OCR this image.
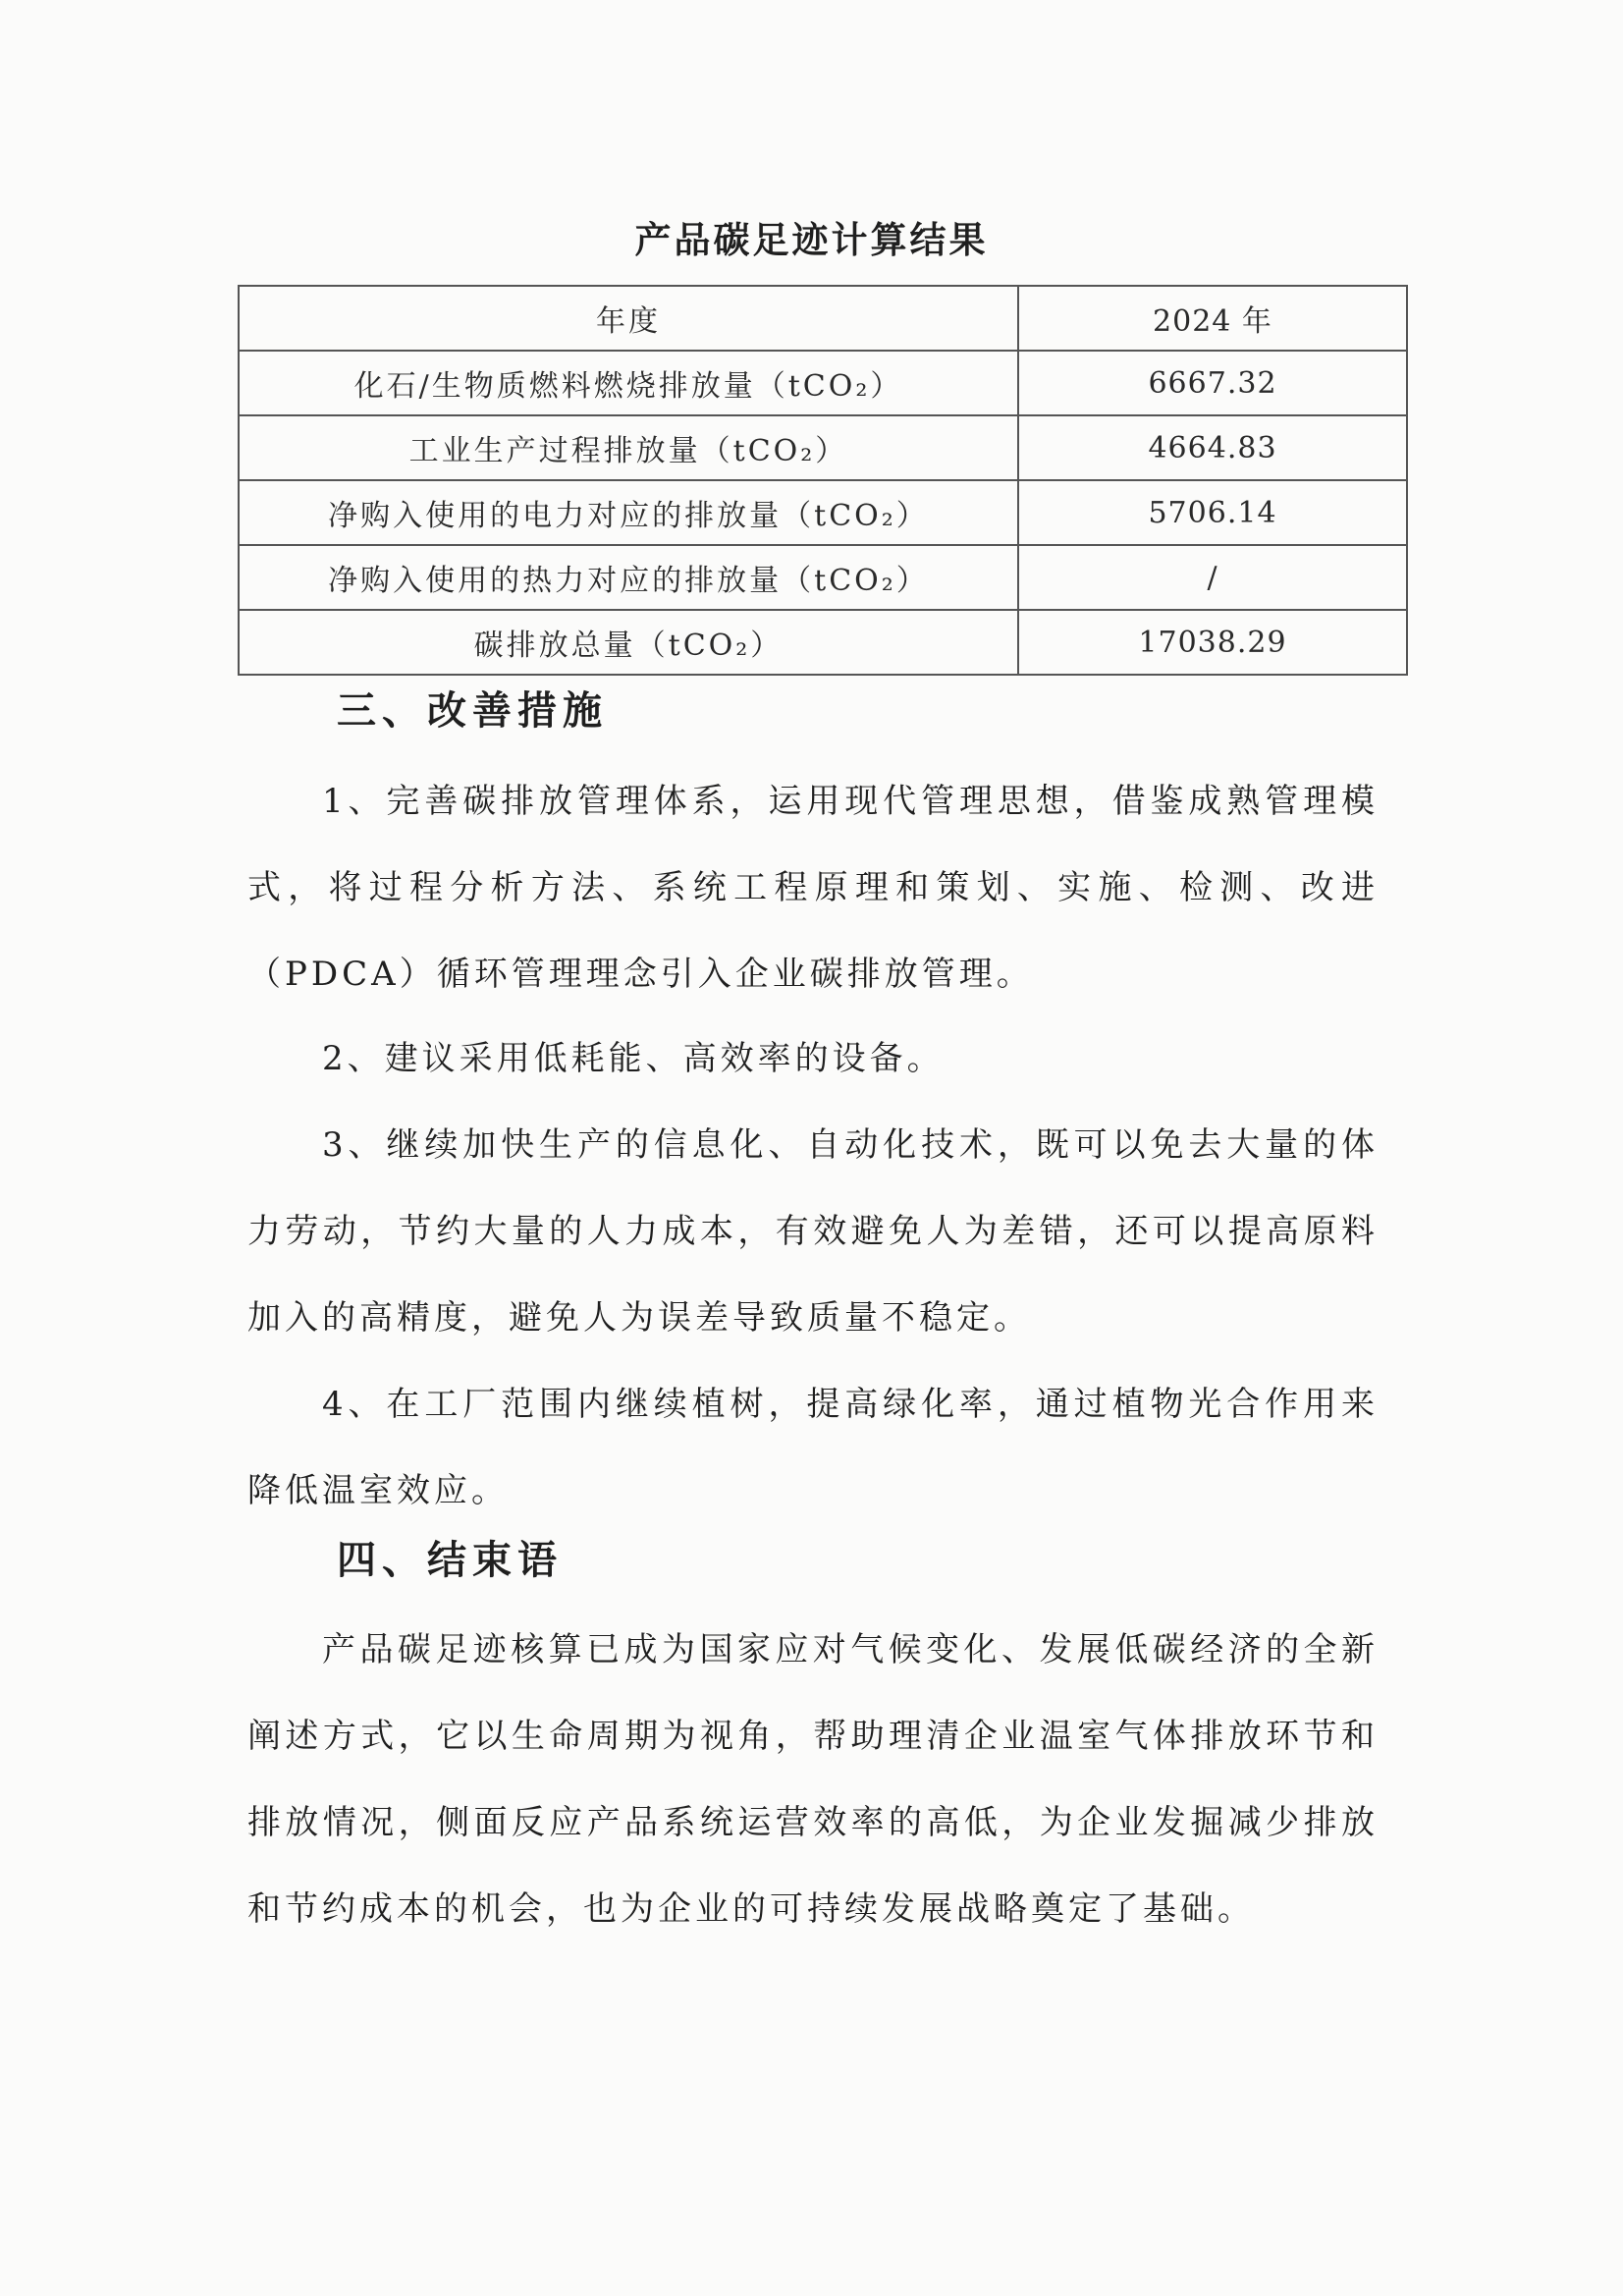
产品碳足迹计算结果
年度	2024 年
化石/生物质燃料燃烧排放量（tCO₂）	6667.32
工业生产过程排放量（tCO₂）	4664.83
净购入使用的电力对应的排放量（tCO₂）	5706.14
净购入使用的热力对应的排放量（tCO₂）	/
碳排放总量（tCO₂）	17038.29
三、改善措施

1、完善碳排放管理体系，运用现代管理思想，借鉴成熟管理模式，将过程分析方法、系统工程原理和策划、实施、检测、改进（PDCA）循环管理理念引入企业碳排放管理。

2、建议采用低耗能、高效率的设备。

3、继续加快生产的信息化、自动化技术，既可以免去大量的体力劳动，节约大量的人力成本，有效避免人为差错，还可以提高原料加入的高精度，避免人为误差导致质量不稳定。

4、在工厂范围内继续植树，提高绿化率，通过植物光合作用来降低温室效应。

四、结束语

产品碳足迹核算已成为国家应对气候变化、发展低碳经济的全新阐述方式，它以生命周期为视角，帮助理清企业温室气体排放环节和排放情况，侧面反应产品系统运营效率的高低，为企业发掘减少排放和节约成本的机会，也为企业的可持续发展战略奠定了基础。
